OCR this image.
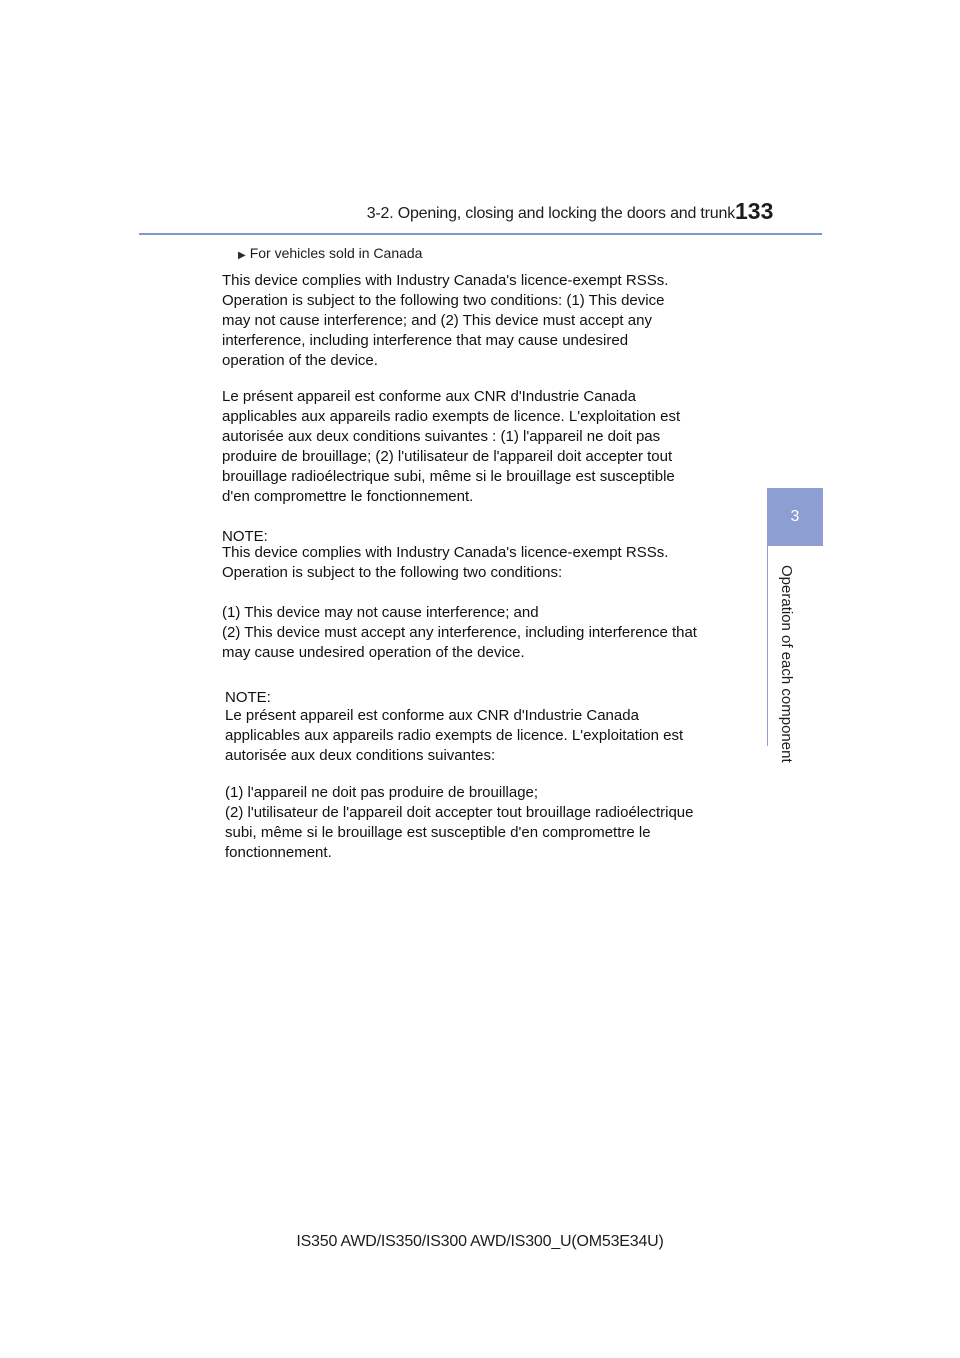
3-2. Opening, closing and locking the doors and trunk 133
3
Operation of each component
▶ For vehicles sold in Canada
This device complies with Industry Canada's licence-exempt RSSs.
Operation is subject to the following two conditions: (1) This device
may not cause interference; and (2) This device must accept any
interference, including interference that may cause undesired
operation of the device.
Le présent appareil est conforme aux CNR d'Industrie Canada
applicables aux appareils radio exempts de licence. L'exploitation est
autorisée aux deux conditions suivantes : (1) l'appareil ne doit pas
produire de brouillage; (2) l'utilisateur de l'appareil doit accepter tout
brouillage radioélectrique subi, même si le brouillage est susceptible
d'en compromettre le fonctionnement.
NOTE:
This device complies with Industry Canada's licence-exempt RSSs.
Operation is subject to the following two conditions:
(1) This device may not cause interference; and
(2) This device must accept any interference, including interference that
may cause undesired operation of the device.
NOTE:
Le présent appareil est conforme aux CNR d'Industrie Canada
applicables aux appareils radio exempts de licence. L'exploitation est
autorisée aux deux conditions suivantes:
(1) l'appareil ne doit pas produire de brouillage;
(2) l'utilisateur de l'appareil doit accepter tout brouillage radioélectrique
subi, même si le brouillage est susceptible d'en compromettre le
fonctionnement.
IS350 AWD/IS350/IS300 AWD/IS300_U(OM53E34U)
